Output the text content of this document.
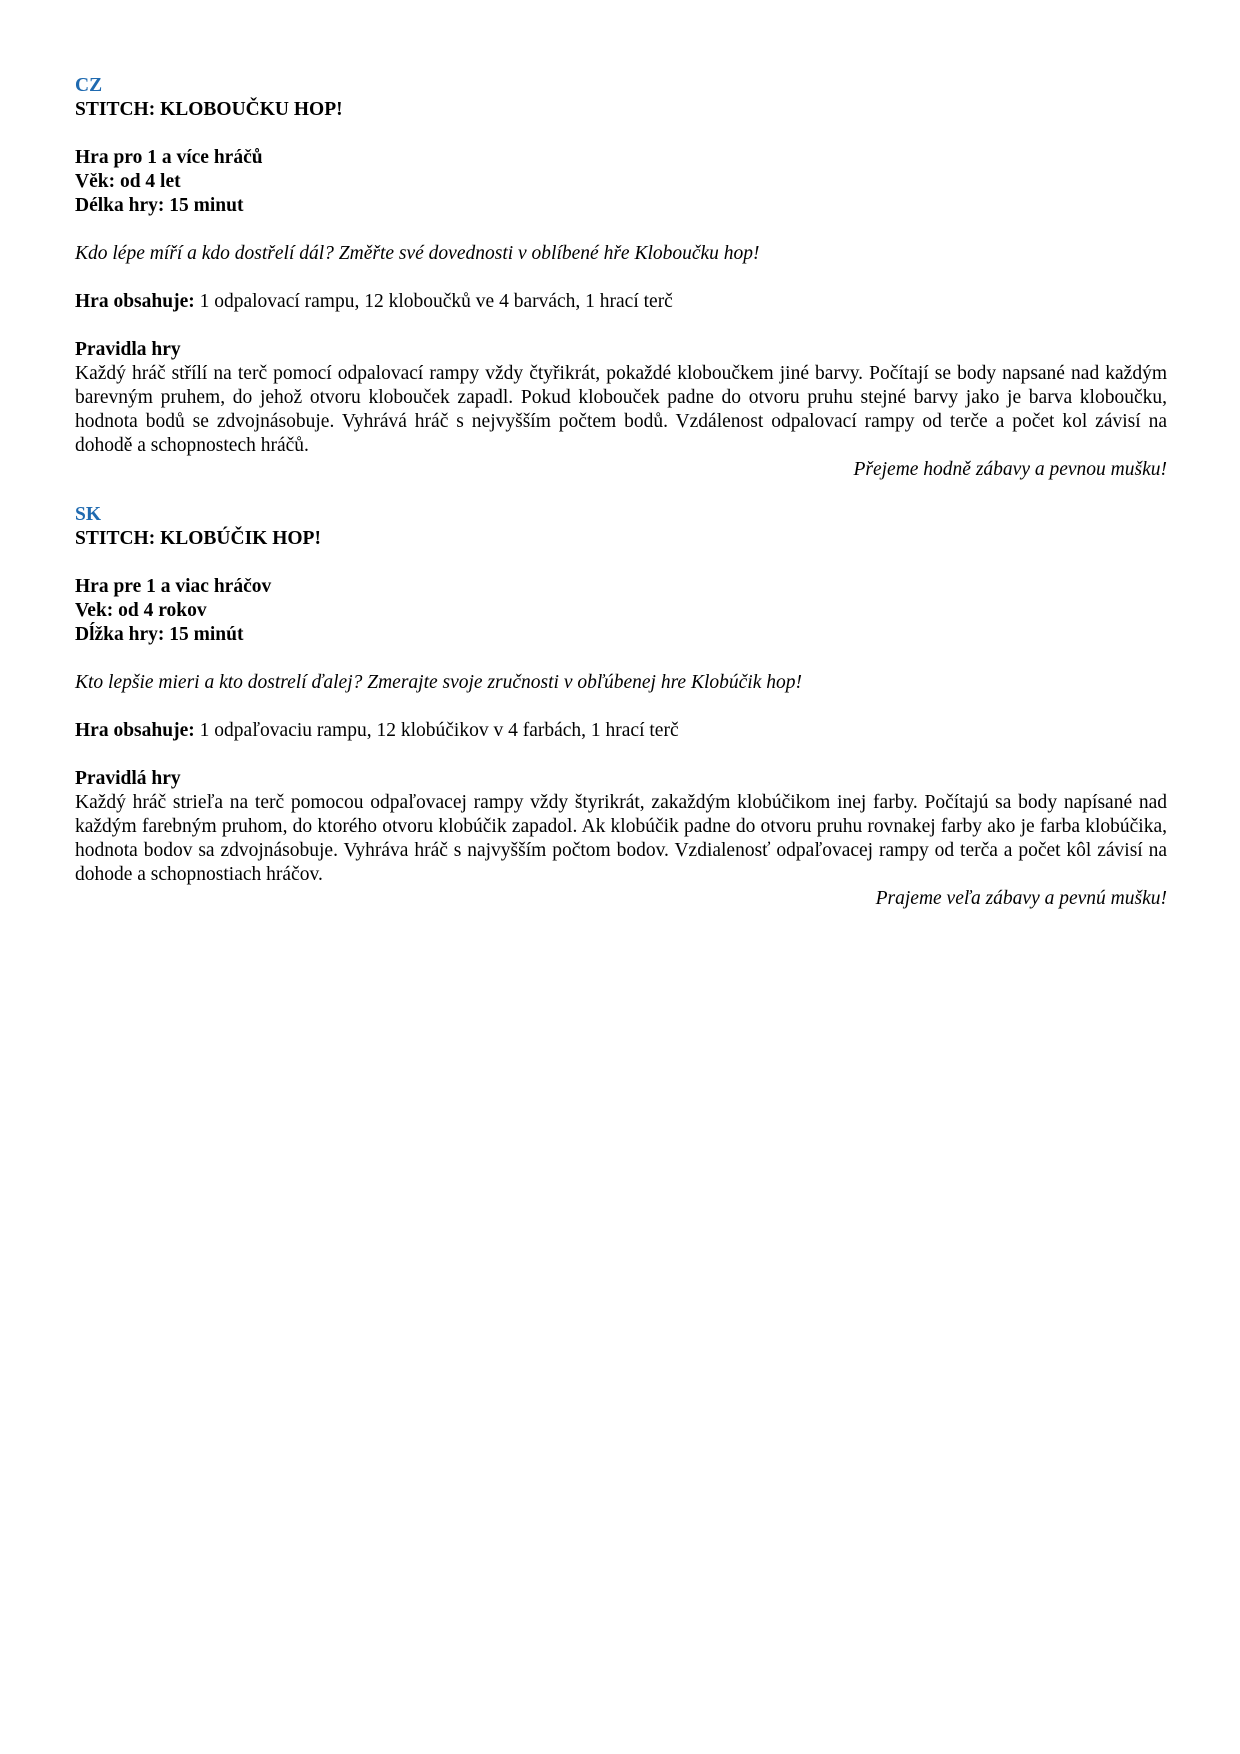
CZ
STITCH: KLOBOUČKU HOP!
Hra pro 1 a více hráčů
Věk: od 4 let
Délka hry: 15 minut
Kdo lépe míří a kdo dostřelí dál? Změřte své dovednosti v oblíbené hře Kloboučku hop!
Hra obsahuje: 1 odpalovací rampu, 12 kloboučků ve 4 barvách, 1 hrací terč
Pravidla hry
Každý hráč střílí na terč pomocí odpalovací rampy vždy čtyřikrát, pokaždé kloboučkem jiné barvy. Počítají se body napsané nad každým barevným pruhem, do jehož otvoru klobouček zapadl. Pokud klobouček padne do otvoru pruhu stejné barvy jako je barva kloboučku, hodnota bodů se zdvojnásobuje. Vyhrává hráč s nejvyšším počtem bodů. Vzdálenost odpalovací rampy od terče a počet kol závisí na dohodě a schopnostech hráčů.
Přejeme hodně zábavy a pevnou mušku!
SK
STITCH: KLOBÚČIK HOP!
Hra pre 1 a viac hráčov
Vek: od 4 rokov
Dĺžka hry: 15 minút
Kto lepšie mieri a kto dostrelí ďalej? Zmerajte svoje zručnosti v obľúbenej hre Klobúčik hop!
Hra obsahuje: 1 odpaľovaciu rampu, 12 klobúčikov v 4 farbách, 1 hrací terč
Pravidlá hry
Každý hráč strieľa na terč pomocou odpaľovacej rampy vždy štyrikrát, zakaždým klobúčikom inej farby. Počítajú sa body napísané nad každým farebným pruhom, do ktorého otvoru klobúčik zapadol. Ak klobúčik padne do otvoru pruhu rovnakej farby ako je farba klobúčika, hodnota bodov sa zdvojnásobuje. Vyhráva hráč s najvyšším počtom bodov. Vzdialenosť odpaľovacej rampy od terča a počet kôl závisí na dohode a schopnostiach hráčov.
Prajeme veľa zábavy a pevnú mušku!
